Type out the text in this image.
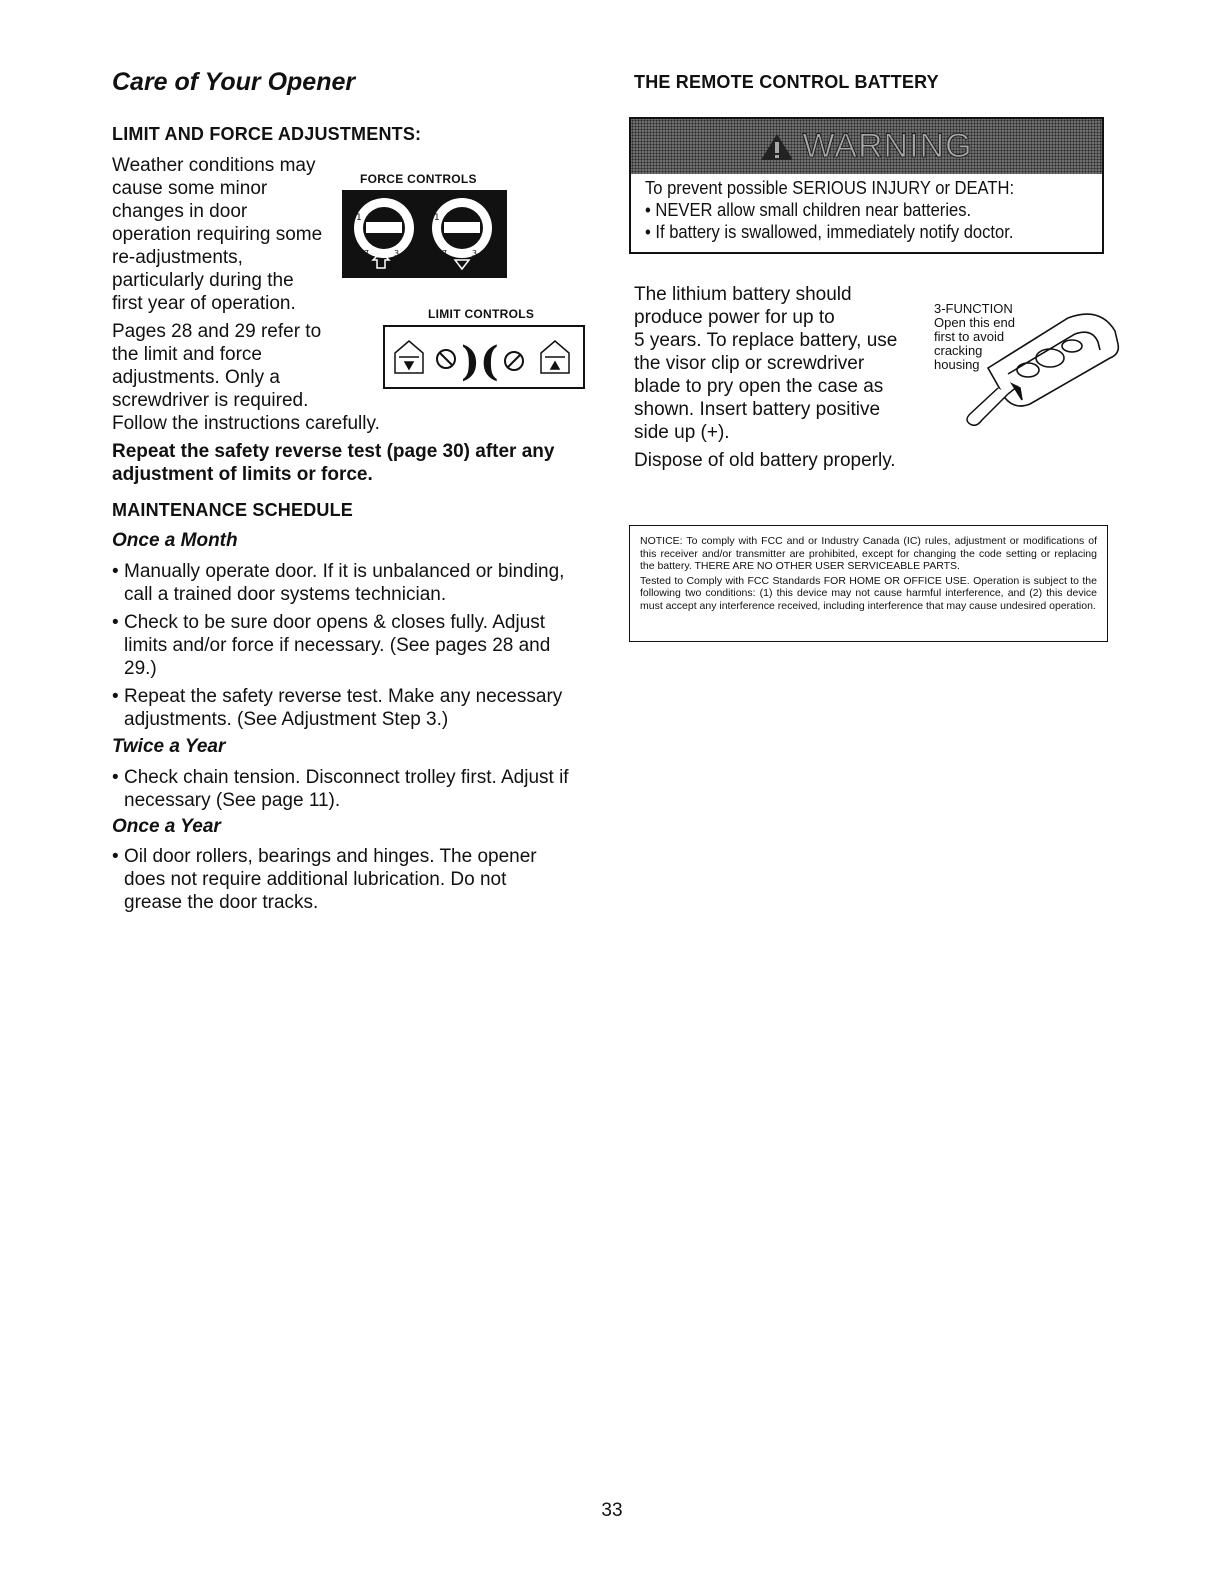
Care of Your Opener
LIMIT AND FORCE ADJUSTMENTS:
Weather conditions may
cause some minor
changes in door
operation requiring some
re-adjustments,
particularly during the
first year of operation.
Pages 28 and 29 refer to
the limit and force
adjustments. Only a
screwdriver is required.
Follow the instructions carefully.
FORCE CONTROLS
1
7	3
1
7	3
LIMIT CONTROLS
)(
Repeat the safety reverse test (page 30) after any
adjustment of limits or force.
MAINTENANCE SCHEDULE
Once a Month
• Manually operate door. If it is unbalanced or binding, call a trained door systems technician.
• Check to be sure door opens & closes fully. Adjust limits and/or force if necessary. (See pages 28 and 29.)
• Repeat the safety reverse test. Make any necessary adjustments. (See Adjustment Step 3.)
Twice a Year
• Check chain tension. Disconnect trolley first. Adjust if necessary (See page 11).
Once a Year
• Oil door rollers, bearings and hinges. The opener does not require additional lubrication. Do not grease the door tracks.
THE REMOTE CONTROL BATTERY
WARNING
To prevent possible SERIOUS INJURY or DEATH:
• NEVER allow small children near batteries.
• If battery is swallowed, immediately notify doctor.
The lithium battery should
produce power for up to
5 years. To replace battery, use
the visor clip or screwdriver
blade to pry open the case as
shown. Insert battery positive
side up (+).
Dispose of old battery properly.
3-FUNCTION
Open this end
first to avoid
cracking
housing

NOTICE: To comply with FCC and or Industry Canada (IC) rules, adjustment or modifications of this receiver and/or transmitter are prohibited, except for changing the code setting or replacing the battery. THERE ARE NO OTHER USER SERVICEABLE PARTS.

Tested to Comply with FCC Standards FOR HOME OR OFFICE USE. Operation is subject to the following two conditions: (1) this device may not cause harmful interference, and (2) this device must accept any interference received, including interference that may cause undesired operation.

33
